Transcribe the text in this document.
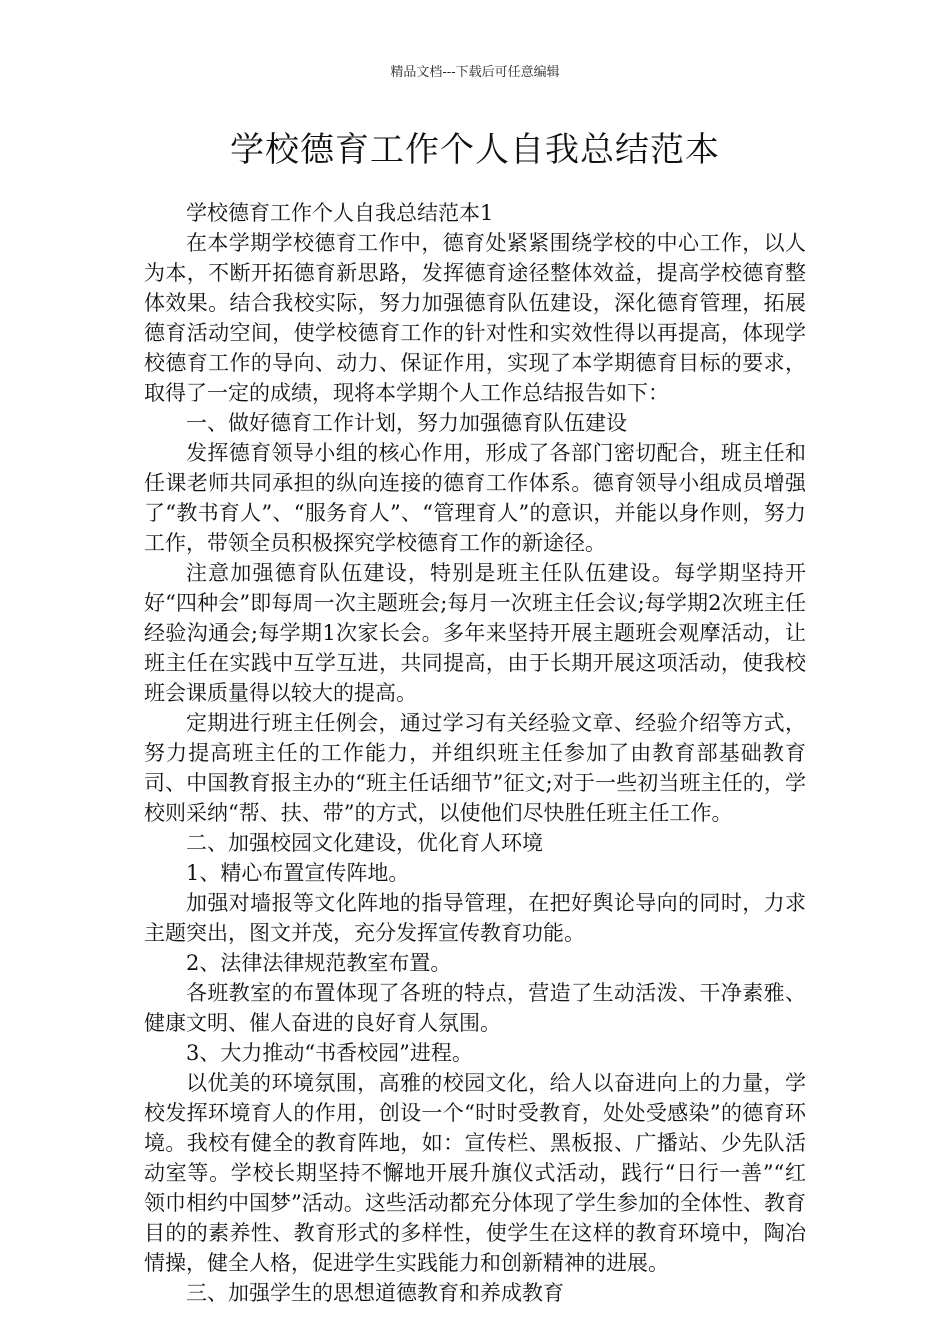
精品文档---下载后可任意编辑
学校德育工作个人自我总结范本

学校德育工作个人自我总结范本1

在本学期学校德育工作中，德育处紧紧围绕学校的中心工作，以人为本，不断开拓德育新思路，发挥德育途径整体效益，提高学校德育整体效果。结合我校实际，努力加强德育队伍建设，深化德育管理，拓展德育活动空间，使学校德育工作的针对性和实效性得以再提高，体现学校德育工作的导向、动力、保证作用，实现了本学期德育目标的要求，取得了一定的成绩，现将本学期个人工作总结报告如下：

一、做好德育工作计划，努力加强德育队伍建设

发挥德育领导小组的核心作用，形成了各部门密切配合，班主任和任课老师共同承担的纵向连接的德育工作体系。德育领导小组成员增强了“教书育人”、“服务育人”、“管理育人”的意识，并能以身作则，努力工作，带领全员积极探究学校德育工作的新途径。

注意加强德育队伍建设，特别是班主任队伍建设。每学期坚持开好“四种会”即每周一次主题班会;每月一次班主任会议;每学期2次班主任经验沟通会;每学期1次家长会。多年来坚持开展主题班会观摩活动，让班主任在实践中互学互进，共同提高，由于长期开展这项活动，使我校班会课质量得以较大的提高。

定期进行班主任例会，通过学习有关经验文章、经验介绍等方式，努力提高班主任的工作能力，并组织班主任参加了由教育部基础教育司、中国教育报主办的“班主任话细节”征文;对于一些初当班主任的，学校则采纳“帮、扶、带”的方式，以使他们尽快胜任班主任工作。

二、加强校园文化建设，优化育人环境

1、精心布置宣传阵地。

加强对墙报等文化阵地的指导管理，在把好舆论导向的同时，力求主题突出，图文并茂，充分发挥宣传教育功能。

2、法律法律规范教室布置。

各班教室的布置体现了各班的特点，营造了生动活泼、干净素雅、健康文明、催人奋进的良好育人氛围。

3、大力推动“书香校园”进程。

以优美的环境氛围，高雅的校园文化，给人以奋进向上的力量，学校发挥环境育人的作用，创设一个“时时受教育，处处受感染”的德育环境。我校有健全的教育阵地，如：宣传栏、黑板报、广播站、少先队活动室等。学校长期坚持不懈地开展升旗仪式活动，践行“日行一善”“红领巾相约中国梦”活动。这些活动都充分体现了学生参加的全体性、教育目的的素养性、教育形式的多样性，使学生在这样的教育环境中，陶冶情操，健全人格，促进学生实践能力和创新精神的进展。

三、加强学生的思想道德教育和养成教育
